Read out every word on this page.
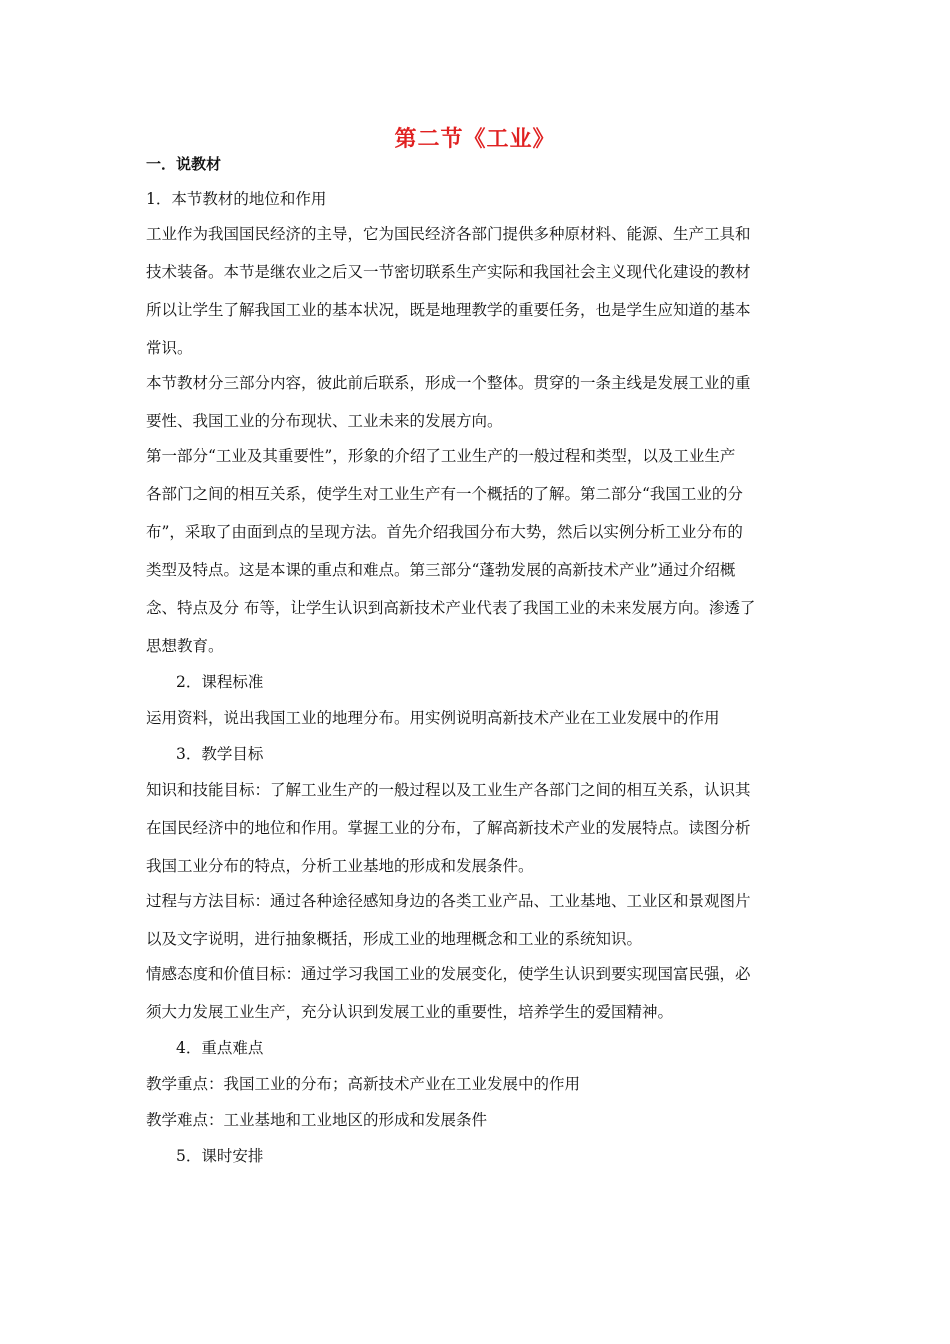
第二节《工业》
一．说教材
1．本节教材的地位和作用
工业作为我国国民经济的主导，它为国民经济各部门提供多种原材料、能源、生产工具和
技术装备。本节是继农业之后又一节密切联系生产实际和我国社会主义现代化建设的教材
所以让学生了解我国工业的基本状况，既是地理教学的重要任务，也是学生应知道的基本
常识。
本节教材分三部分内容，彼此前后联系，形成一个整体。贯穿的一条主线是发展工业的重
要性、我国工业的分布现状、工业未来的发展方向。
第一部分“工业及其重要性”，形象的介绍了工业生产的一般过程和类型，以及工业生产
各部门之间的相互关系，使学生对工业生产有一个概括的了解。第二部分“我国工业的分
布”，采取了由面到点的呈现方法。首先介绍我国分布大势，然后以实例分析工业分布的
类型及特点。这是本课的重点和难点。第三部分“蓬勃发展的高新技术产业”通过介绍概
念、特点及分 布等，让学生认识到高新技术产业代表了我国工业的未来发展方向。渗透了
思想教育。
2．课程标准
运用资料，说出我国工业的地理分布。用实例说明高新技术产业在工业发展中的作用
3．教学目标
知识和技能目标：了解工业生产的一般过程以及工业生产各部门之间的相互关系，认识其
在国民经济中的地位和作用。掌握工业的分布，了解高新技术产业的发展特点。读图分析
我国工业分布的特点，分析工业基地的形成和发展条件。
过程与方法目标：通过各种途径感知身边的各类工业产品、工业基地、工业区和景观图片
以及文字说明，进行抽象概括，形成工业的地理概念和工业的系统知识。
情感态度和价值目标：通过学习我国工业的发展变化，使学生认识到要实现国富民强，必
须大力发展工业生产，充分认识到发展工业的重要性，培养学生的爱国精神。
4．重点难点
教学重点：我国工业的分布；高新技术产业在工业发展中的作用
教学难点：工业基地和工业地区的形成和发展条件
5．课时安排
